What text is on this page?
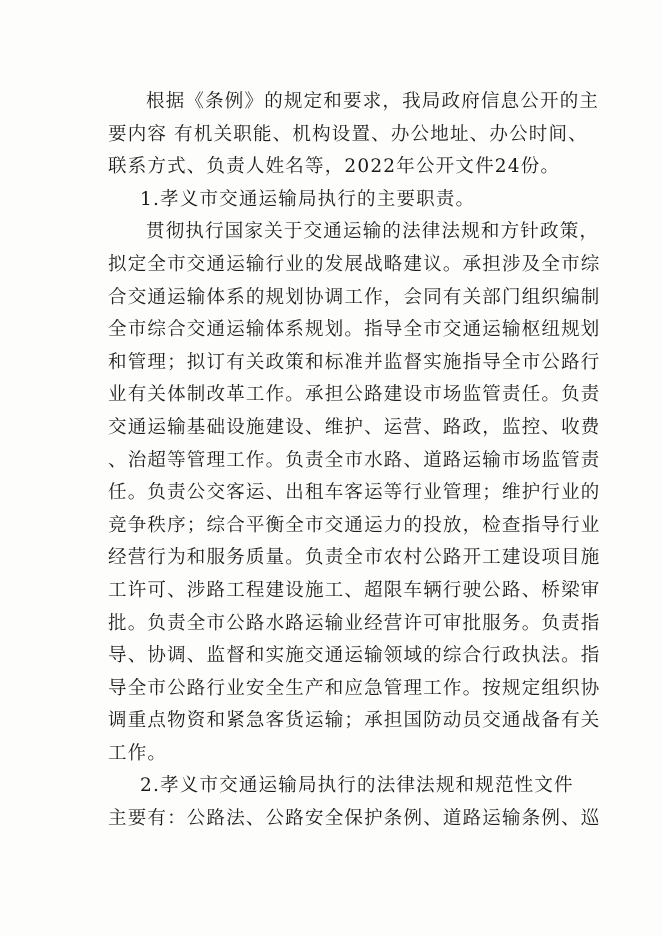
根据《条例》的规定和要求，我局政府信息公开的主
要内容 有机关职能、机构设置、办公地址、办公时间、
联系方式、负责人姓名等，2022年公开文件24份。
1.孝义市交通运输局执行的主要职责。
贯彻执行国家关于交通运输的法律法规和方针政策，
拟定全市交通运输行业的发展战略建议。承担涉及全市综
合交通运输体系的规划协调工作，会同有关部门组织编制
全市综合交通运输体系规划。指导全市交通运输枢纽规划
和管理；拟订有关政策和标准并监督实施指导全市公路行
业有关体制改革工作。承担公路建设市场监管责任。负责
交通运输基础设施建设、维护、运营、路政，监控、收费
、治超等管理工作。负责全市水路、道路运输市场监管责
任。负责公交客运、出租车客运等行业管理；维护行业的
竞争秩序；综合平衡全市交通运力的投放，检查指导行业
经营行为和服务质量。负责全市农村公路开工建设项目施
工许可、涉路工程建设施工、超限车辆行驶公路、桥梁审
批。负责全市公路水路运输业经营许可审批服务。负责指
导、协调、监督和实施交通运输领域的综合行政执法。指
导全市公路行业安全生产和应急管理工作。按规定组织协
调重点物资和紧急客货运输；承担国防动员交通战备有关
工作。
2.孝义市交通运输局执行的法律法规和规范性文件
主要有：公路法、公路安全保护条例、道路运输条例、巡
